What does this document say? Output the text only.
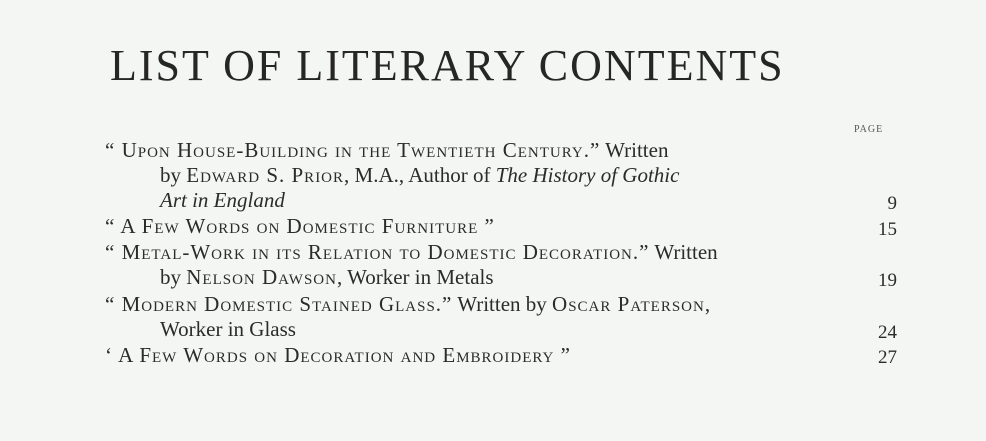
LIST OF LITERARY CONTENTS
PAGE
“ Upon House-Building in the Twentieth Century.” Written
by Edward S. Prior, M.A., Author of The History of Gothic
Art in England	9
“ A Few Words on Domestic Furniture ”	15
“ Metal-Work in its Relation to Domestic Decoration.” Written
by Nelson Dawson, Worker in Metals	19
“ Modern Domestic Stained Glass.” Written by Oscar Paterson,
Worker in Glass	24
‘ A Few Words on Decoration and Embroidery ”	27
